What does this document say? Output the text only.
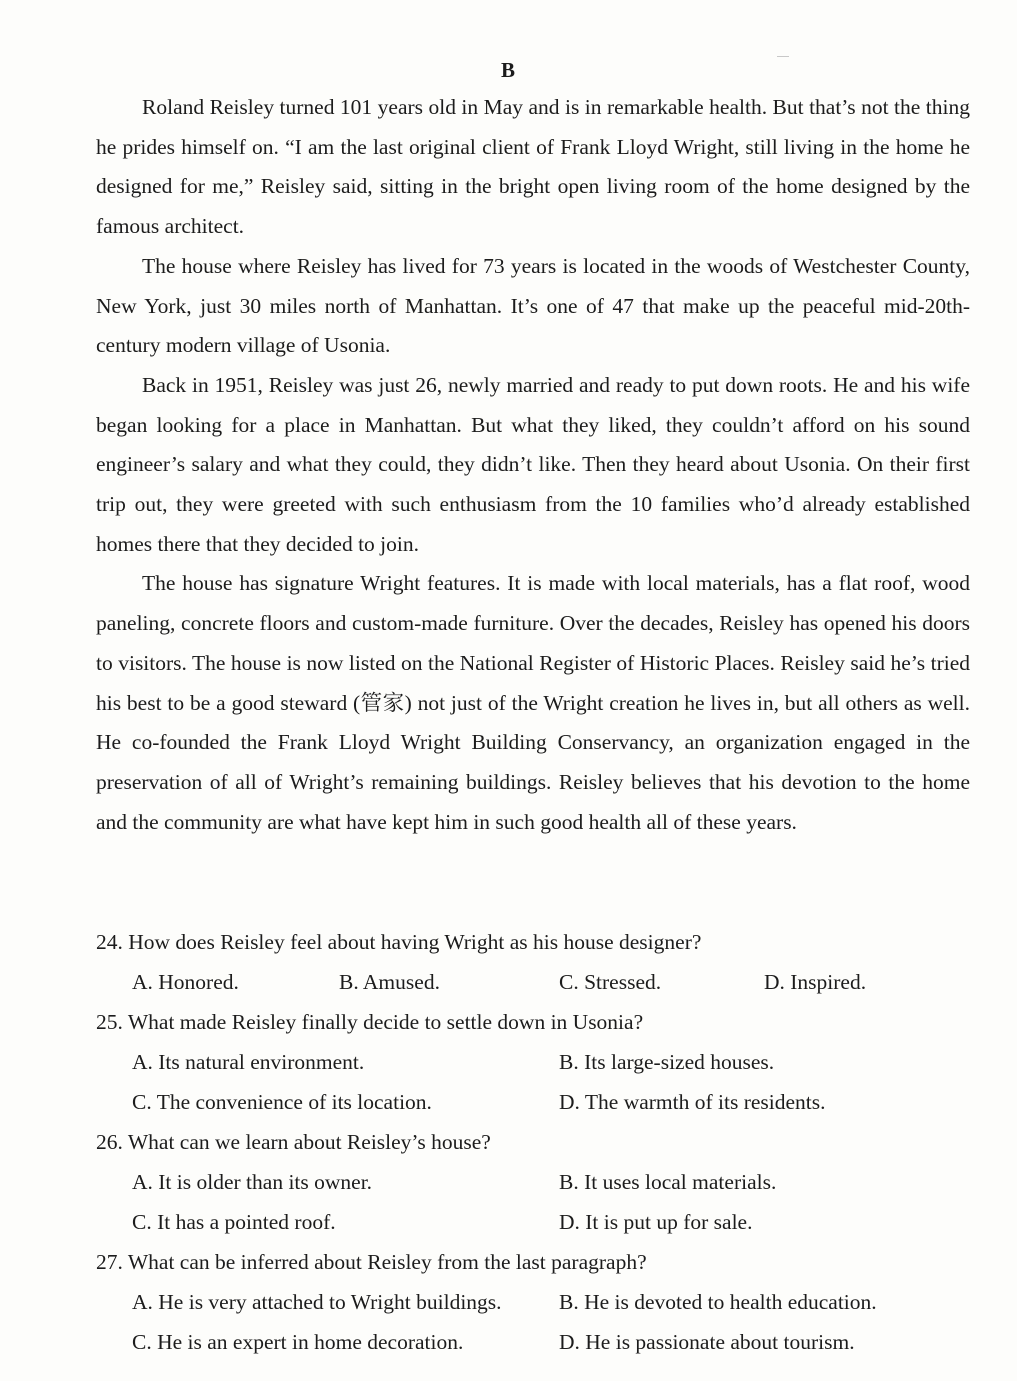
B

Roland Reisley turned 101 years old in May and is in remarkable health. But that’s not the thing he prides himself on. “I am the last original client of Frank Lloyd Wright, still living in the home he designed for me,” Reisley said, sitting in the bright open living room of the home designed by the famous architect.

The house where Reisley has lived for 73 years is located in the woods of Westchester County, New York, just 30 miles north of Manhattan. It’s one of 47 that make up the peaceful mid-20th-century modern village of Usonia.

Back in 1951, Reisley was just 26, newly married and ready to put down roots. He and his wife began looking for a place in Manhattan. But what they liked, they couldn’t afford on his sound engineer’s salary and what they could, they didn’t like. Then they heard about Usonia. On their first trip out, they were greeted with such enthusiasm from the 10 families who’d already established homes there that they decided to join.

The house has signature Wright features. It is made with local materials, has a flat roof, wood paneling, concrete floors and custom-made furniture. Over the decades, Reisley has opened his doors to visitors. The house is now listed on the National Register of Historic Places. Reisley said he’s tried his best to be a good steward (管家) not just of the Wright creation he lives in, but all others as well. He co-founded the Frank Lloyd Wright Building Conservancy, an organization engaged in the preservation of all of Wright’s remaining buildings. Reisley believes that his devotion to the home and the community are what have kept him in such good health all of these years.

24. How does Reisley feel about having Wright as his house designer?
A. Honored.	B. Amused.	C. Stressed.	D. Inspired.
25. What made Reisley finally decide to settle down in Usonia?
A. Its natural environment.	B. Its large-sized houses.
C. The convenience of its location.	D. The warmth of its residents.
26. What can we learn about Reisley’s house?
A. It is older than its owner.	B. It uses local materials.
C. It has a pointed roof.	D. It is put up for sale.
27. What can be inferred about Reisley from the last paragraph?
A. He is very attached to Wright buildings.	B. He is devoted to health education.
C. He is an expert in home decoration.	D. He is passionate about tourism.
